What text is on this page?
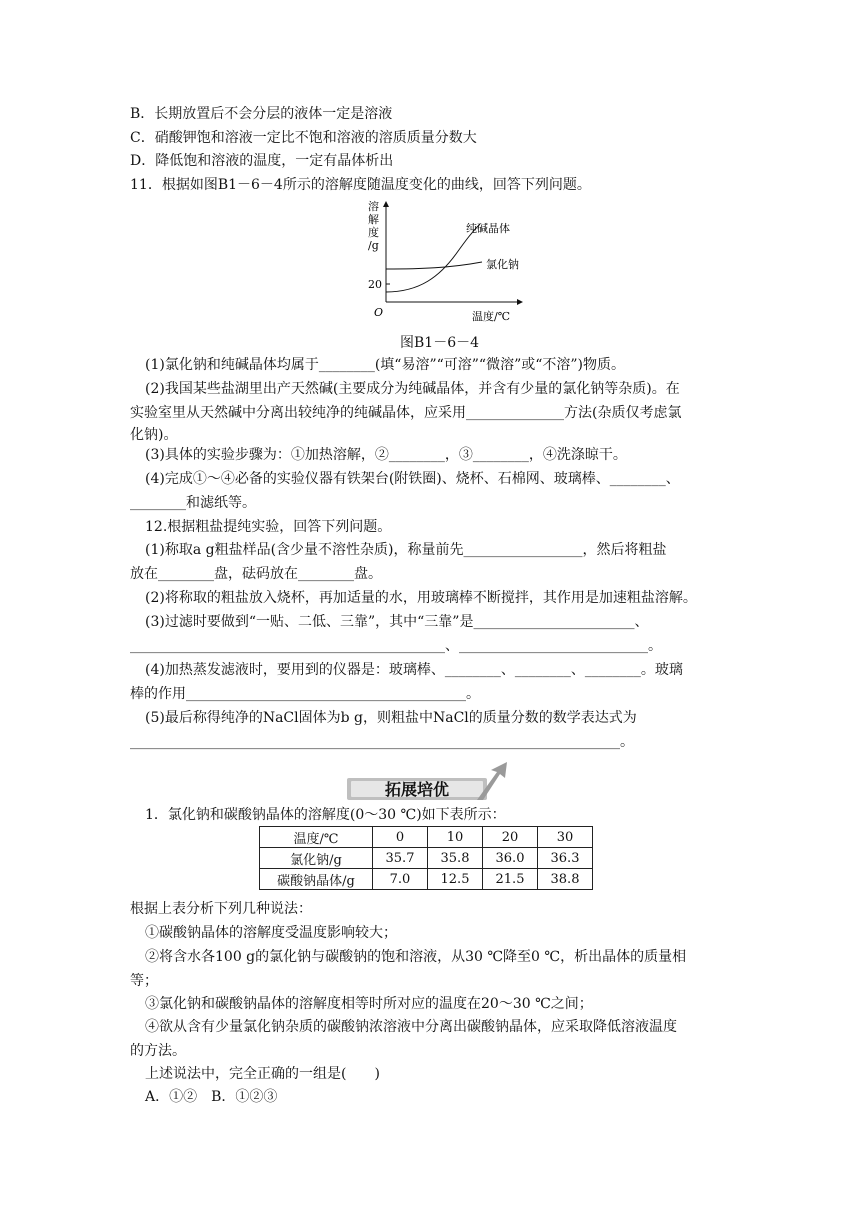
B．长期放置后不会分层的液体一定是溶液
C．硝酸钾饱和溶液一定比不饱和溶液的溶质质量分数大
D．降低饱和溶液的温度，一定有晶体析出
11．根据如图B1－6－4所示的溶解度随温度变化的曲线，回答下列问题。
溶
解
度
/g
20
O	温度/℃
纯碱晶体
氯化钠
图B1－6－4
(1)氯化钠和纯碱晶体均属于________(填“易溶”“可溶”“微溶”或“不溶”)物质。
(2)我国某些盐湖里出产天然碱(主要成分为纯碱晶体，并含有少量的氯化钠等杂质)。在
实验室里从天然碱中分离出较纯净的纯碱晶体，应采用______________方法(杂质仅考虑氯
化钠)。
(3)具体的实验步骤为：①加热溶解，②________，③________，④洗涤晾干。
(4)完成①～④必备的实验仪器有铁架台(附铁圈)、烧杯、石棉网、玻璃棒、________、
________和滤纸等。
12.根据粗盐提纯实验，回答下列问题。
(1)称取a g粗盐样品(含少量不溶性杂质)，称量前先_________________，然后将粗盐
放在________盘，砝码放在________盘。
(2)将称取的粗盐放入烧杯，再加适量的水，用玻璃棒不断搅拌，其作用是加速粗盐溶解。
(3)过滤时要做到“一贴、二低、三靠”，其中“三靠”是_______________________、
_____________________________________________、___________________________。
(4)加热蒸发滤液时，要用到的仪器是：玻璃棒、________、________、________。玻璃
棒的作用________________________________________。
(5)最后称得纯净的NaCl固体为b g，则粗盐中NaCl的质量分数的数学表达式为
______________________________________________________________________。
拓展培优
1．氯化钠和碳酸钠晶体的溶解度(0～30 ℃)如下表所示：
温度/℃	0	10	20	30
氯化钠/g	35.7	35.8	36.0	36.3
碳酸钠晶体/g	7.0	12.5	21.5	38.8
根据上表分析下列几种说法：
①碳酸钠晶体的溶解度受温度影响较大；
②将含水各100 g的氯化钠与碳酸钠的饱和溶液，从30 ℃降至0 ℃，析出晶体的质量相
等；
③氯化钠和碳酸钠晶体的溶解度相等时所对应的温度在20～30 ℃之间；
④欲从含有少量氯化钠杂质的碳酸钠浓溶液中分离出碳酸钠晶体，应采取降低溶液温度
的方法。
上述说法中，完全正确的一组是(　　)
A．①②　B．①②③
